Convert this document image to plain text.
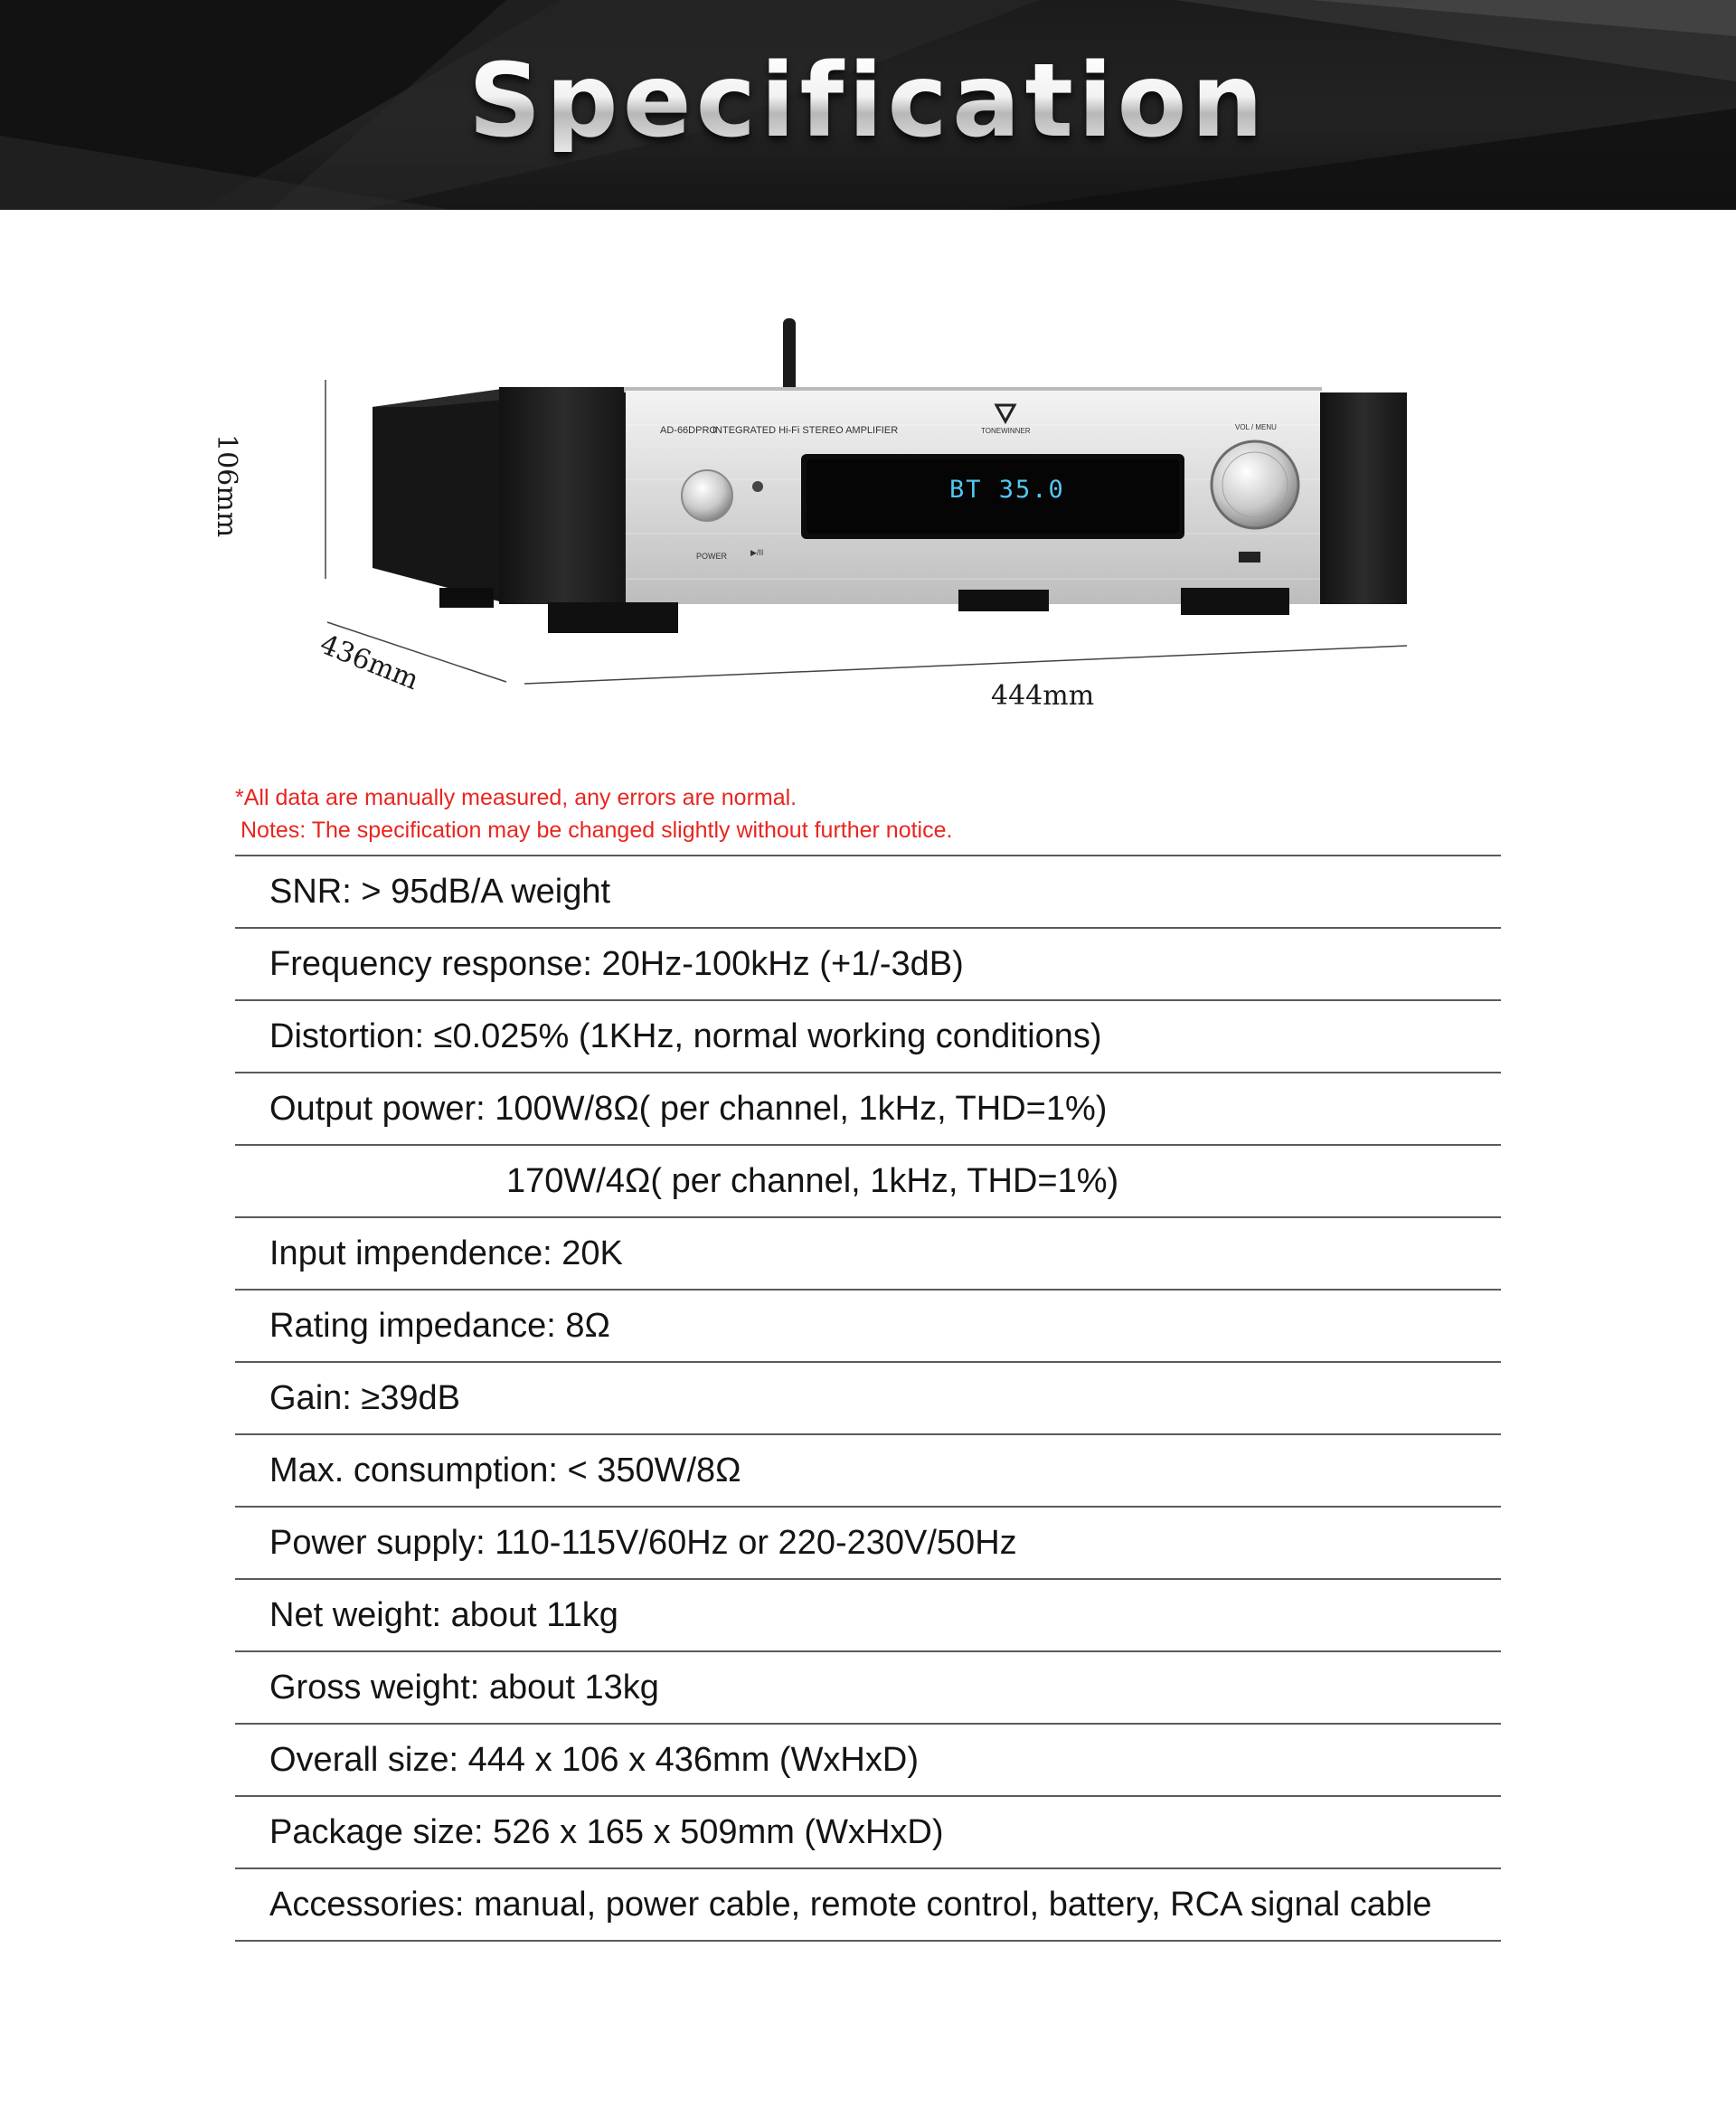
Specification
AD-66DPRO
INTEGRATED Hi-Fi STEREO AMPLIFIER	TONEWINNER
BT 35.0
POWER	▶/II
VOL / MENU
106mm
436mm	444mm
*All data are manually measured, any errors are normal.
Notes: The specification may be changed slightly without further notice.
SNR: > 95dB/A weight
Frequency response: 20Hz-100kHz (+1/-3dB)
Distortion: ≤0.025% (1KHz, normal working conditions)
Output power: 100W/8Ω( per channel, 1kHz, THD=1%)
170W/4Ω( per channel, 1kHz, THD=1%)
Input impendence: 20K
Rating impedance: 8Ω
Gain: ≥39dB
Max. consumption: < 350W/8Ω
Power supply: 110-115V/60Hz or 220-230V/50Hz
Net weight: about 11kg
Gross weight: about 13kg
Overall size: 444 x 106 x 436mm (WxHxD)
Package size: 526 x 165 x 509mm (WxHxD)
Accessories: manual, power cable, remote control, battery, RCA signal cable
